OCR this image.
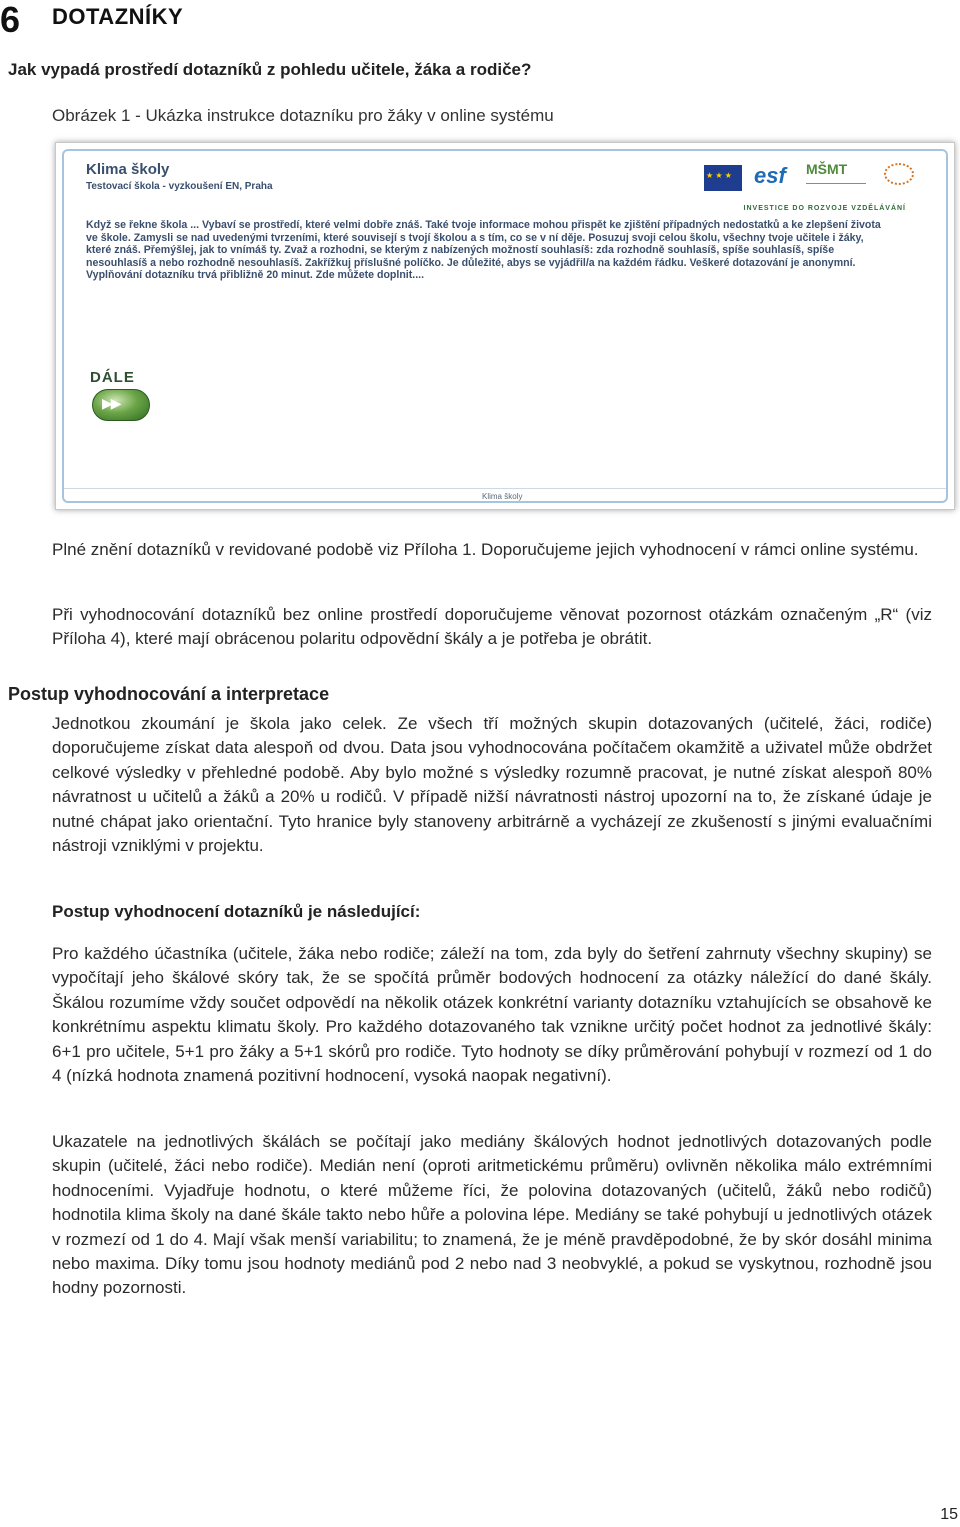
6 DOTAZNÍKY
Jak vypadá prostředí dotazníků z pohledu učitele, žáka a rodiče?
Obrázek 1 - Ukázka instrukce dotazníku pro žáky v online systému
Klima školy
Testovací škola - vyzkoušení EN, Praha
★ ★ ★	esf	MŠMT
INVESTICE DO ROZVOJE VZDĚLÁVÁNÍ
Když se řekne škola ... Vybaví se prostředí, které velmi dobře znáš. Také tvoje informace mohou přispět ke zjištění případných nedostatků a ke zlepšení života ve škole. Zamysli se nad uvedenými tvrzeními, které souvisejí s tvojí školou a s tím, co se v ní děje. Posuzuj svoji celou školu, všechny tvoje učitele i žáky, které znáš. Přemýšlej, jak to vnímáš ty. Zvaž a rozhodni, se kterým z nabízených možností souhlasíš: zda rozhodně souhlasíš, spíše souhlasíš, spíše nesouhlasíš a nebo rozhodně nesouhlasíš. Zakřížkuj příslušné políčko. Je důležité, abys se vyjádřil/a na každém řádku. Veškeré dotazování je anonymní. Vyplňování dotazníku trvá přibližně 20 minut. Zde můžete doplnit....
DÁLE
▶▶
Klima školy
Plné znění dotazníků v revidované podobě viz Příloha 1. Doporučujeme jejich vyhodnocení v rámci online systému.
Při vyhodnocování dotazníků bez online prostředí doporučujeme věnovat pozornost otázkám označeným „R“ (viz Příloha 4), které mají obrácenou polaritu odpovědní škály a je potřeba je obrátit.
Postup vyhodnocování a interpretace
Jednotkou zkoumání je škola jako celek. Ze všech tří možných skupin dotazovaných (učitelé, žáci, rodiče) doporučujeme získat data alespoň od dvou. Data jsou vyhodnocována počítačem okamžitě a uživatel může obdržet celkové výsledky v přehledné podobě. Aby bylo možné s výsledky rozumně pracovat, je nutné získat alespoň 80% návratnost u učitelů a žáků a 20% u rodičů. V případě nižší návratnosti nástroj upozorní na to, že získané údaje je nutné chápat jako orientační. Tyto hranice byly stanoveny arbitrárně a vycházejí ze zkušeností s jinými evaluačními nástroji vzniklými v projektu.
Postup vyhodnocení dotazníků je následující:
Pro každého účastníka (učitele, žáka nebo rodiče; záleží na tom, zda byly do šetření zahrnuty všechny skupiny) se vypočítají jeho škálové skóry tak, že se spočítá průměr bodových hodnocení za otázky náležící do dané škály. Škálou rozumíme vždy součet odpovědí na několik otázek konkrétní varianty dotazníku vztahujících se obsahově ke konkrétnímu aspektu klimatu školy. Pro každého dotazovaného tak vznikne určitý počet hodnot za jednotlivé škály: 6+1 pro učitele, 5+1 pro žáky a 5+1 skórů pro rodiče. Tyto hodnoty se díky průměrování pohybují v rozmezí od 1 do 4 (nízká hodnota znamená pozitivní hodnocení, vysoká naopak negativní).
Ukazatele na jednotlivých škálách se počítají jako mediány škálových hodnot jednotlivých dotazovaných podle skupin (učitelé, žáci nebo rodiče). Medián není (oproti aritmetickému průměru) ovlivněn několika málo extrémními hodnoceními. Vyjadřuje hodnotu, o které můžeme říci, že polovina dotazovaných (učitelů, žáků nebo rodičů) hodnotila klima školy na dané škále takto nebo hůře a polovina lépe. Mediány se také pohybují u jednotlivých otázek v rozmezí od 1 do 4. Mají však menší variabilitu; to znamená, že je méně pravděpodobné, že by skór dosáhl minima nebo maxima. Díky tomu jsou hodnoty mediánů pod 2 nebo nad 3 neobvyklé, a pokud se vyskytnou, rozhodně jsou hodny pozornosti.
15
